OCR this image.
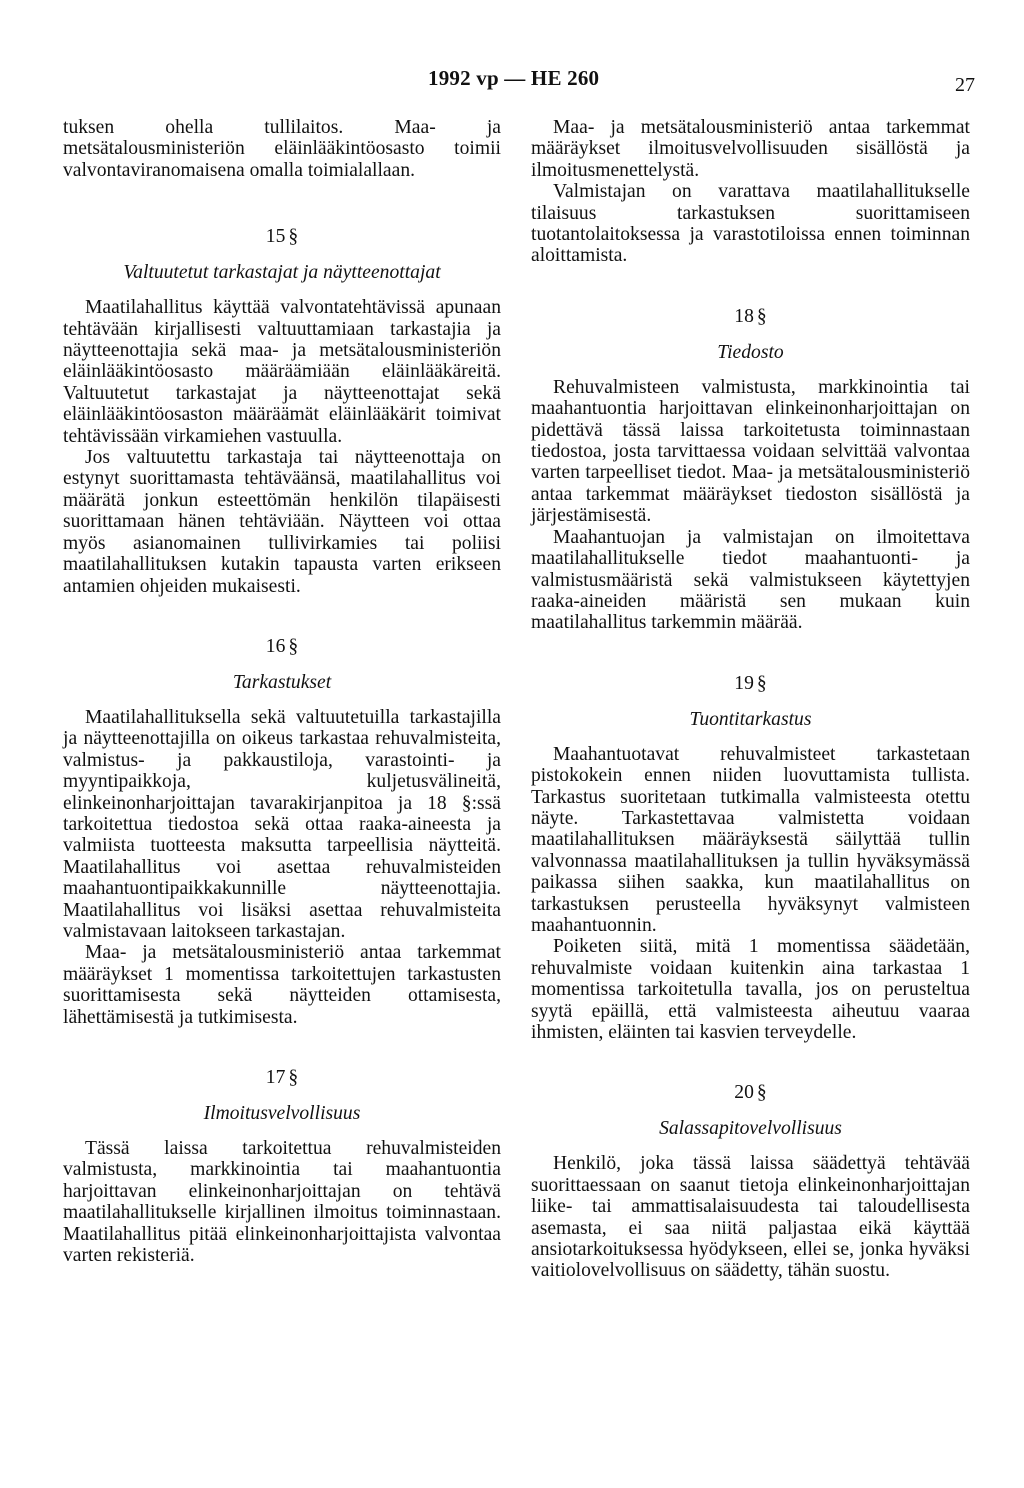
1992 vp — HE 260	27

tuksen ohella tullilaitos. Maa- ja metsätalousministeriön eläinlääkintöosasto toimii valvontaviranomaisena omalla toimialallaan.

15 §
Valtuutetut tarkastajat ja näytteenottajat

Maatilahallitus käyttää valvontatehtävissä apunaan tehtävään kirjallisesti valtuuttamiaan tarkastajia ja näytteenottajia sekä maa- ja metsätalousministeriön eläinlääkintöosasto määräämiään eläinlääkäreitä. Valtuutetut tarkastajat ja näytteenottajat sekä eläinlääkintöosaston määräämät eläinlääkärit toimivat tehtävissään virkamiehen vastuulla.

Jos valtuutettu tarkastaja tai näytteenottaja on estynyt suorittamasta tehtäväänsä, maatilahallitus voi määrätä jonkun esteettömän henkilön tilapäisesti suorittamaan hänen tehtäviään. Näytteen voi ottaa myös asianomainen tullivirkamies tai poliisi maatilahallituksen kutakin tapausta varten erikseen antamien ohjeiden mukaisesti.

16 §
Tarkastukset

Maatilahallituksella sekä valtuutetuilla tarkastajilla ja näytteenottajilla on oikeus tarkastaa rehuvalmisteita, valmistus- ja pakkaustiloja, varastointi- ja myyntipaikkoja, kuljetusvälineitä, elinkeinonharjoittajan tavarakirjanpitoa ja 18 §:ssä tarkoitettua tiedostoa sekä ottaa raaka-aineesta ja valmiista tuotteesta maksutta tarpeellisia näytteitä. Maatilahallitus voi asettaa rehuvalmisteiden maahantuontipaikkakunnille näytteenottajia. Maatilahallitus voi lisäksi asettaa rehuvalmisteita valmistavaan laitokseen tarkastajan.

Maa- ja metsätalousministeriö antaa tarkemmat määräykset 1 momentissa tarkoitettujen tarkastusten suorittamisesta sekä näytteiden ottamisesta, lähettämisestä ja tutkimisesta.

17 §
Ilmoitusvelvollisuus

Tässä laissa tarkoitettua rehuvalmisteiden valmistusta, markkinointia tai maahantuontia harjoittavan elinkeinonharjoittajan on tehtävä maatilahallitukselle kirjallinen ilmoitus toiminnastaan. Maatilahallitus pitää elinkeinonharjoittajista valvontaa varten rekisteriä.

Maa- ja metsätalousministeriö antaa tarkemmat määräykset ilmoitusvelvollisuuden sisällöstä ja ilmoitusmenettelystä.

Valmistajan on varattava maatilahallitukselle tilaisuus tarkastuksen suorittamiseen tuotantolaitoksessa ja varastotiloissa ennen toiminnan aloittamista.

18 §
Tiedosto

Rehuvalmisteen valmistusta, markkinointia tai maahantuontia harjoittavan elinkeinonharjoittajan on pidettävä tässä laissa tarkoitetusta toiminnastaan tiedostoa, josta tarvittaessa voidaan selvittää valvontaa varten tarpeelliset tiedot. Maa- ja metsätalousministeriö antaa tarkemmat määräykset tiedoston sisällöstä ja järjestämisestä.

Maahantuojan ja valmistajan on ilmoitettava maatilahallitukselle tiedot maahantuonti- ja valmistusmääristä sekä valmistukseen käytettyjen raaka-aineiden määristä sen mukaan kuin maatilahallitus tarkemmin määrää.

19 §
Tuontitarkastus

Maahantuotavat rehuvalmisteet tarkastetaan pistokokein ennen niiden luovuttamista tullista. Tarkastus suoritetaan tutkimalla valmisteesta otettu näyte. Tarkastettavaa valmistetta voidaan maatilahallituksen määräyksestä säilyttää tullin valvonnassa maatilahallituksen ja tullin hyväksymässä paikassa siihen saakka, kun maatilahallitus on tarkastuksen perusteella hyväksynyt valmisteen maahantuonnin.

Poiketen siitä, mitä 1 momentissa säädetään, rehuvalmiste voidaan kuitenkin aina tarkastaa 1 momentissa tarkoitetulla tavalla, jos on perusteltua syytä epäillä, että valmisteesta aiheutuu vaaraa ihmisten, eläinten tai kasvien terveydelle.

20 §
Salassapitovelvollisuus

Henkilö, joka tässä laissa säädettyä tehtävää suorittaessaan on saanut tietoja elinkeinonharjoittajan liike- tai ammattisalaisuudesta tai taloudellisesta asemasta, ei saa niitä paljastaa eikä käyttää ansiotarkoituksessa hyödykseen, ellei se, jonka hyväksi vaitiolovelvollisuus on säädetty, tähän suostu.
